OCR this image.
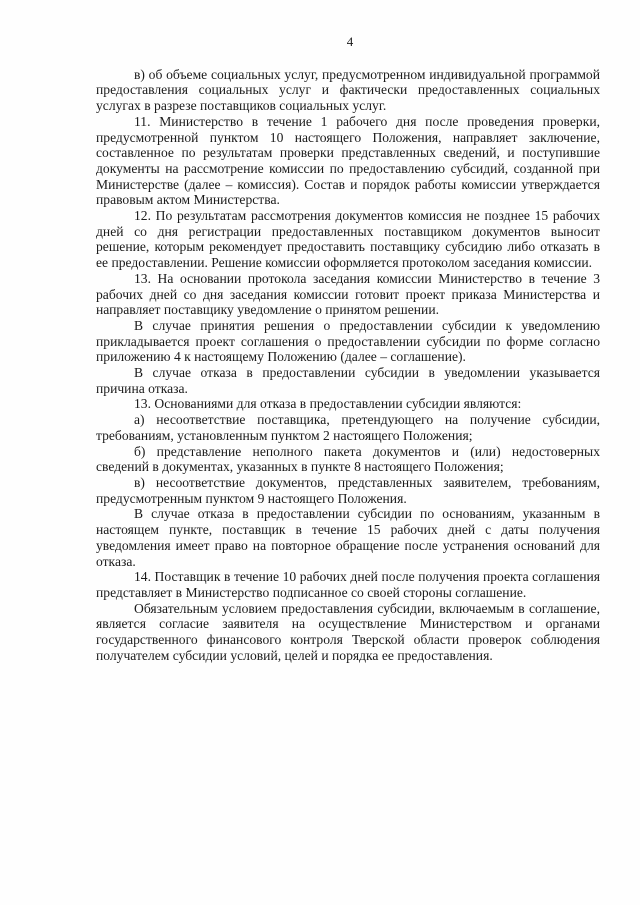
4

в) об объеме социальных услуг, предусмотренном индивидуальной программой предоставления социальных услуг и фактически предоставленных социальных услугах в разрезе поставщиков социальных услуг.

11. Министерство в течение 1 рабочего дня после проведения проверки, предусмотренной пунктом 10 настоящего Положения, направляет заключение, составленное по результатам проверки представленных сведений, и поступившие документы на рассмотрение комиссии по предоставлению субсидий, созданной при Министерстве (далее – комиссия). Состав и порядок работы комиссии утверждается правовым актом Министерства.

12. По результатам рассмотрения документов комиссия не позднее 15 рабочих дней со дня регистрации предоставленных поставщиком документов выносит решение, которым рекомендует предоставить поставщику субсидию либо отказать в ее предоставлении. Решение комиссии оформляется протоколом заседания комиссии.

13. На основании протокола заседания комиссии Министерство в течение 3 рабочих дней со дня заседания комиссии готовит проект приказа Министерства и направляет поставщику уведомление о принятом решении.

В случае принятия решения о предоставлении субсидии к уведомлению прикладывается проект соглашения о предоставлении субсидии по форме согласно приложению 4 к настоящему Положению (далее – соглашение).

В случае отказа в предоставлении субсидии в уведомлении указывается причина отказа.

13. Основаниями для отказа в предоставлении субсидии являются:

а) несоответствие поставщика, претендующего на получение субсидии, требованиям, установленным пунктом 2 настоящего Положения;

б) представление неполного пакета документов и (или) недостоверных сведений в документах, указанных в пункте 8 настоящего Положения;

в) несоответствие документов, представленных заявителем, требованиям, предусмотренным пунктом 9 настоящего Положения.

В случае отказа в предоставлении субсидии по основаниям, указанным в настоящем пункте, поставщик в течение 15 рабочих дней с даты получения уведомления имеет право на повторное обращение после устранения оснований для отказа.

14. Поставщик в течение 10 рабочих дней после получения проекта соглашения представляет в Министерство подписанное со своей стороны соглашение.

Обязательным условием предоставления субсидии, включаемым в соглашение, является согласие заявителя на осуществление Министерством и органами государственного финансового контроля Тверской области проверок соблюдения получателем субсидии условий, целей и порядка ее предоставления.
